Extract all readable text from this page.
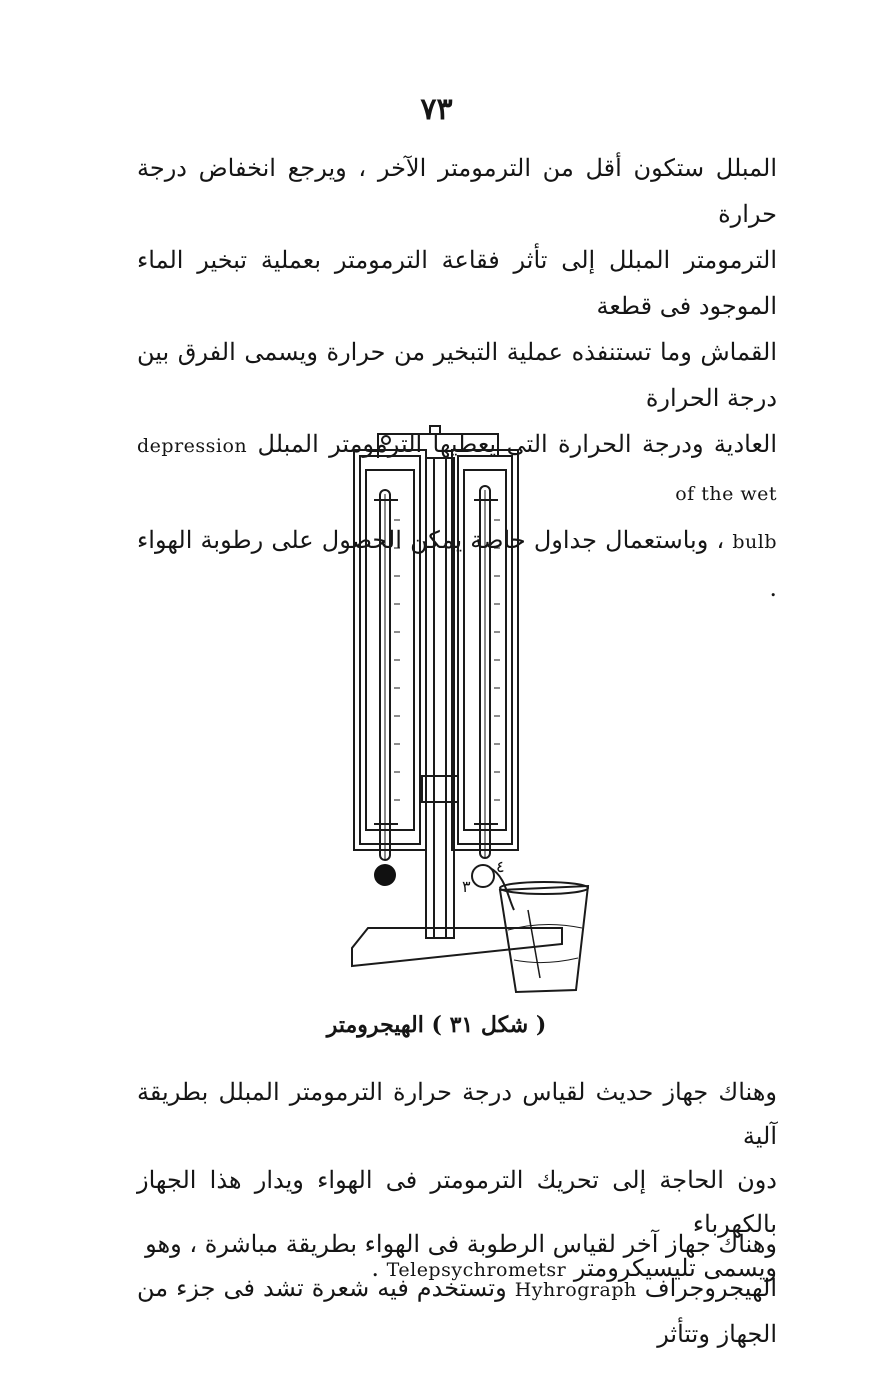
٧٣
المبلل ستكون أقل من الترمومتر الآخر ، ويرجع انخفاض درجة حرارة
الترمومتر المبلل إلى تأثر فقاعة الترمومتر بعملية تبخير الماء الموجود فى قطعة
القماش وما تستنفذه عملية التبخير من حرارة ويسمى الفرق بين درجة الحرارة
العادية ودرجة الحرارة التى يعطيها الترمومتر المبلل depression of the wet
bulb ، وباستعمال جداول خاصة يمكن الحصول على رطوبة الهواء .
٤
٣
( شكل ٣١ ) الهيجرومتر
وهناك جهاز حديث لقياس درجة حرارة الترمومتر المبلل بطريقة آلية
دون الحاجة إلى تحريك الترمومتر فى الهواء ويدار هذا الجهاز بالكهرباء
ويسمى تليسيكرومتر Telepsychrometsr .
وهناك جهاز آخر لقياس الرطوبة فى الهواء بطريقة مباشرة ، وهو
الهيجروجراف Hyhrograph وتستخدم فيه شعرة تشد فى جزء من الجهاز وتتأثر
